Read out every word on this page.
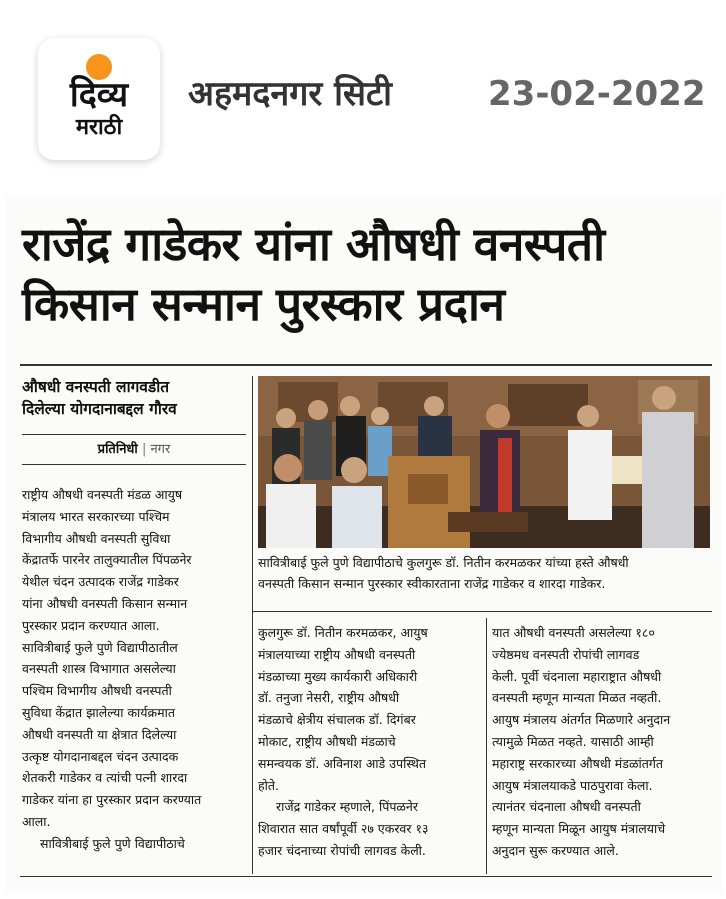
दिव्य
मराठी
अहमदनगर सिटी	23-02-2022
राजेंद्र गाडेकर यांना औषधी वनस्पती
किसान सन्मान पुरस्कार प्रदान
औषधी वनस्पती लागवडीत
दिलेल्या योगदानाबद्दल गौरव
प्रतिनिधी | नगर
सावित्रीबाई फुले पुणे विद्यापीठाचे कुलगुरू डॉ. नितीन करमळकर यांच्या हस्ते औषधी
वनस्पती किसान सन्मान पुरस्कार स्वीकारताना राजेंद्र गाडेकर व शारदा गाडेकर.
राष्ट्रीय औषधी वनस्पती मंडळ आयुष
मंत्रालय भारत सरकारच्या पश्चिम
विभागीय औषधी वनस्पती सुविधा
केंद्रातर्फे पारनेर तालुक्यातील पिंपळनेर
येथील चंदन उत्पादक राजेंद्र गाडेकर
यांना औषधी वनस्पती किसान सन्मान
पुरस्कार प्रदान करण्यात आला.
सावित्रीबाई फुले पुणे विद्यापीठातील
वनस्पती शास्त्र विभागात असलेल्या
पश्चिम विभागीय औषधी वनस्पती
सुविधा केंद्रात झालेल्या कार्यक्रमात
औषधी वनस्पती या क्षेत्रात दिलेल्या
उत्कृष्ट योगदानाबद्दल चंदन उत्पादक
शेतकरी गाडेकर व त्यांची पत्नी शारदा
गाडेकर यांना हा पुरस्कार प्रदान करण्यात
आला.
सावित्रीबाई फुले पुणे विद्यापीठाचे
कुलगुरू डॉ. नितीन करमळकर, आयुष
मंत्रालयाच्या राष्ट्रीय औषधी वनस्पती
मंडळाच्या मुख्य कार्यकारी अधिकारी
डॉ. तनुजा नेसरी, राष्ट्रीय औषधी
मंडळाचे क्षेत्रीय संचालक डॉ. दिगंबर
मोकाट, राष्ट्रीय औषधी मंडळाचे
समन्वयक डॉ. अविनाश आडे उपस्थित
होते.
राजेंद्र गाडेकर म्हणाले, पिंपळनेर
शिवारात सात वर्षांपूर्वी २७ एकरवर १३
हजार चंदनाच्या रोपांची लागवड केली.
यात औषधी वनस्पती असलेल्या १८०
ज्येष्ठमध वनस्पती रोपांची लागवड
केली. पूर्वी चंदनाला महाराष्ट्रात औषधी
वनस्पती म्हणून मान्यता मिळत नव्हती.
आयुष मंत्रालय अंतर्गत मिळणारे अनुदान
त्यामुळे मिळत नव्हते. यासाठी आम्ही
महाराष्ट्र सरकारच्या औषधी मंडळांतर्गत
आयुष मंत्रालयाकडे पाठपुरावा केला.
त्यानंतर चंदनाला औषधी वनस्पती
म्हणून मान्यता मिळून आयुष मंत्रालयाचे
अनुदान सुरू करण्यात आले.
